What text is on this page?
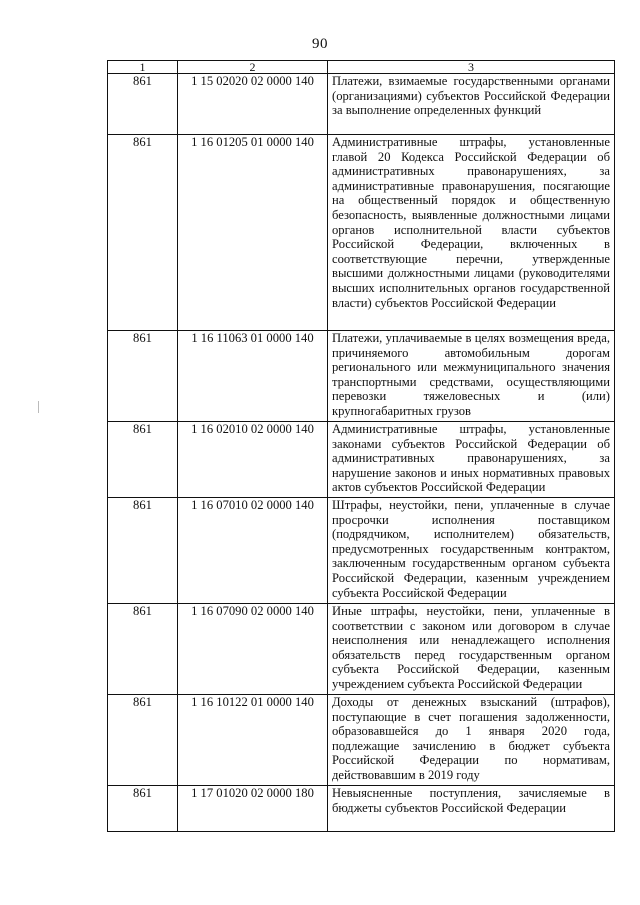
90
1	2	3
861	1 15 02020 02 0000 140	Платежи, взимаемые государственными органами (организациями) субъектов Российской Федерации за выполнение определенных функций
861	1 16 01205 01 0000 140	Административные штрафы, установленные главой 20 Кодекса Российской Федерации об административных правонарушениях, за административные правонарушения, посягающие на общественный порядок и общественную безопасность, выявленные должностными лицами органов исполнительной власти субъектов Российской Федерации, включенных в соответствующие перечни, утвержденные высшими должностными лицами (руководителями высших исполнительных органов государственной власти) субъектов Российской Федерации
861	1 16 11063 01 0000 140	Платежи, уплачиваемые в целях возмещения вреда, причиняемого автомобильным дорогам регионального или межмуниципального значения транспортными средствами, осуществляющими перевозки тяжеловесных и (или) крупногабаритных грузов
861	1 16 02010 02 0000 140	Административные штрафы, установленные законами субъектов Российской Федерации об административных правонарушениях, за нарушение законов и иных нормативных правовых актов субъектов Российской Федерации
861	1 16 07010 02 0000 140	Штрафы, неустойки, пени, уплаченные в случае просрочки исполнения поставщиком (подрядчиком, исполнителем) обязательств, предусмотренных государственным контрактом, заключенным государственным органом субъекта Российской Федерации, казенным учреждением субъекта Российской Федерации
861	1 16 07090 02 0000 140	Иные штрафы, неустойки, пени, уплаченные в соответствии с законом или договором в случае неисполнения или ненадлежащего исполнения обязательств перед государственным органом субъекта Российской Федерации, казенным учреждением субъекта Российской Федерации
861	1 16 10122 01 0000 140	Доходы от денежных взысканий (штрафов), поступающие в счет погашения задолженности, образовавшейся до 1 января 2020 года, подлежащие зачислению в бюджет субъекта Российской Федерации по нормативам, действовавшим в 2019 году
861	1 17 01020 02 0000 180	Невыясненные поступления, зачисляемые в бюджеты субъектов Российской Федерации
